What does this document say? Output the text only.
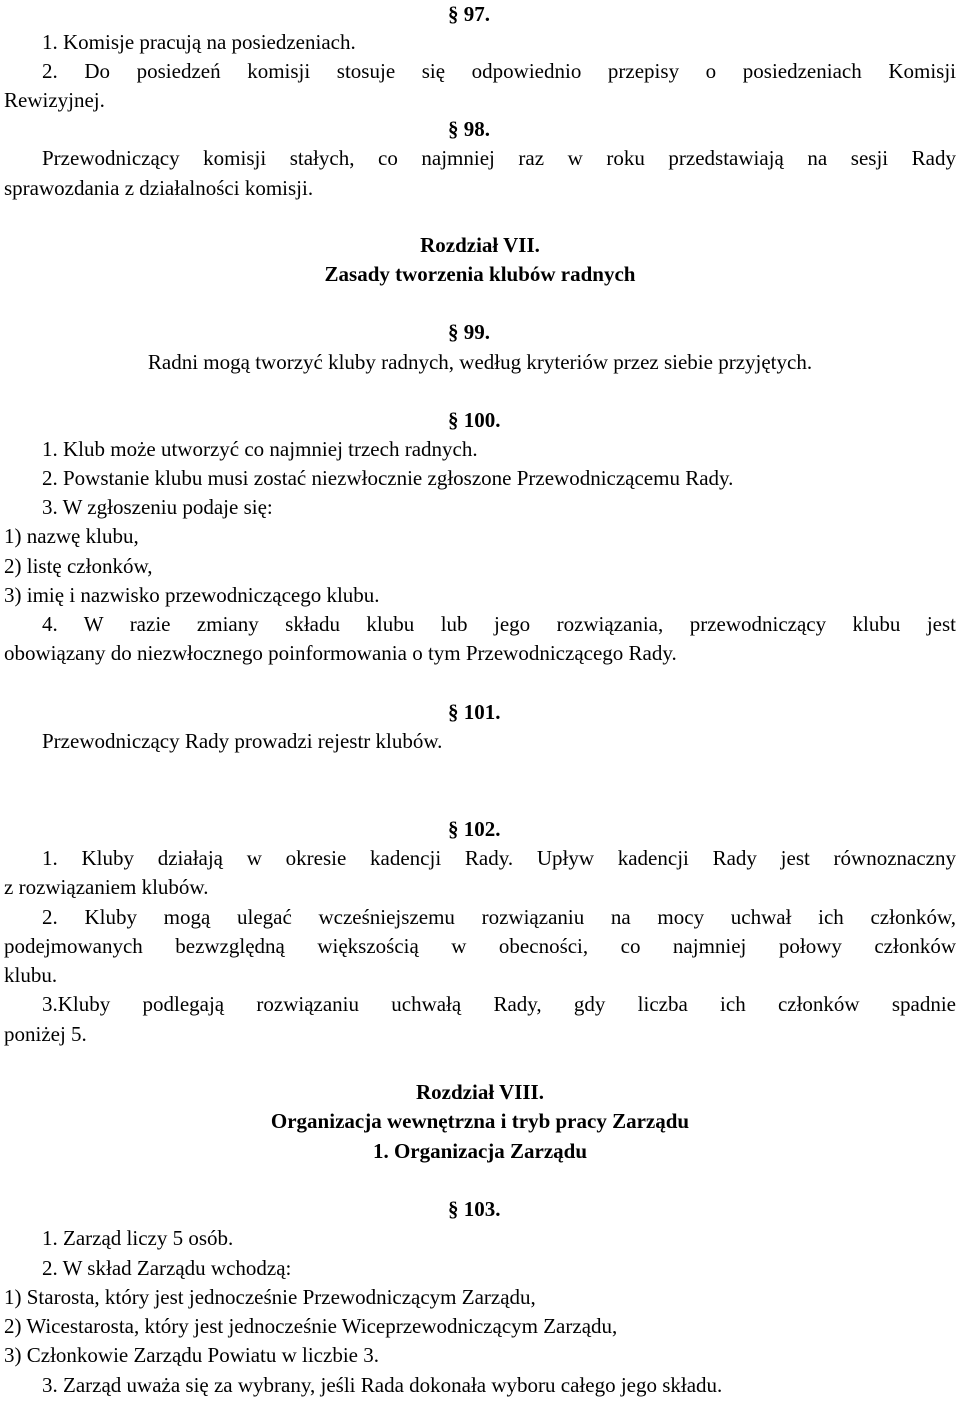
§ 97.

1. Komisje pracują na posiedzeniach.

2. Do posiedzeń komisji stosuje się odpowiednio przepisy o posiedzeniach Komisji

Rewizyjnej.

§ 98.

Przewodniczący komisji stałych, co najmniej raz w roku przedstawiają na sesji Rady

sprawozdania z działalności komisji.

Rozdział VII.

Zasady tworzenia klubów radnych

§ 99.

Radni mogą tworzyć kluby radnych, według kryteriów przez siebie przyjętych.

§ 100.

1. Klub może utworzyć co najmniej trzech radnych.

2. Powstanie klubu musi zostać niezwłocznie zgłoszone Przewodniczącemu Rady.

3. W zgłoszeniu podaje się:

1) nazwę klubu,

2) listę członków,

3) imię i nazwisko przewodniczącego klubu.

4. W razie zmiany składu klubu lub jego rozwiązania, przewodniczący klubu jest

obowiązany do niezwłocznego poinformowania o tym Przewodniczącego Rady.

§ 101.

Przewodniczący Rady prowadzi rejestr klubów.

§ 102.

1. Kluby działają w okresie kadencji Rady. Upływ kadencji Rady jest równoznaczny

z rozwiązaniem klubów.

2. Kluby mogą ulegać wcześniejszemu rozwiązaniu na mocy uchwał ich członków,

podejmowanych bezwzględną większością w obecności, co najmniej połowy członków

klubu.

3.Kluby podlegają rozwiązaniu uchwałą Rady, gdy liczba ich członków spadnie

poniżej 5.

Rozdział VIII.

Organizacja wewnętrzna i tryb pracy Zarządu

1. Organizacja Zarządu

§ 103.

1. Zarząd liczy 5 osób.

2. W skład Zarządu wchodzą:

1) Starosta, który jest jednocześnie Przewodniczącym Zarządu,

2) Wicestarosta, który jest jednocześnie Wiceprzewodniczącym Zarządu,

3) Członkowie Zarządu Powiatu w liczbie 3.

3. Zarząd uważa się za wybrany, jeśli Rada dokonała wyboru całego jego składu.
